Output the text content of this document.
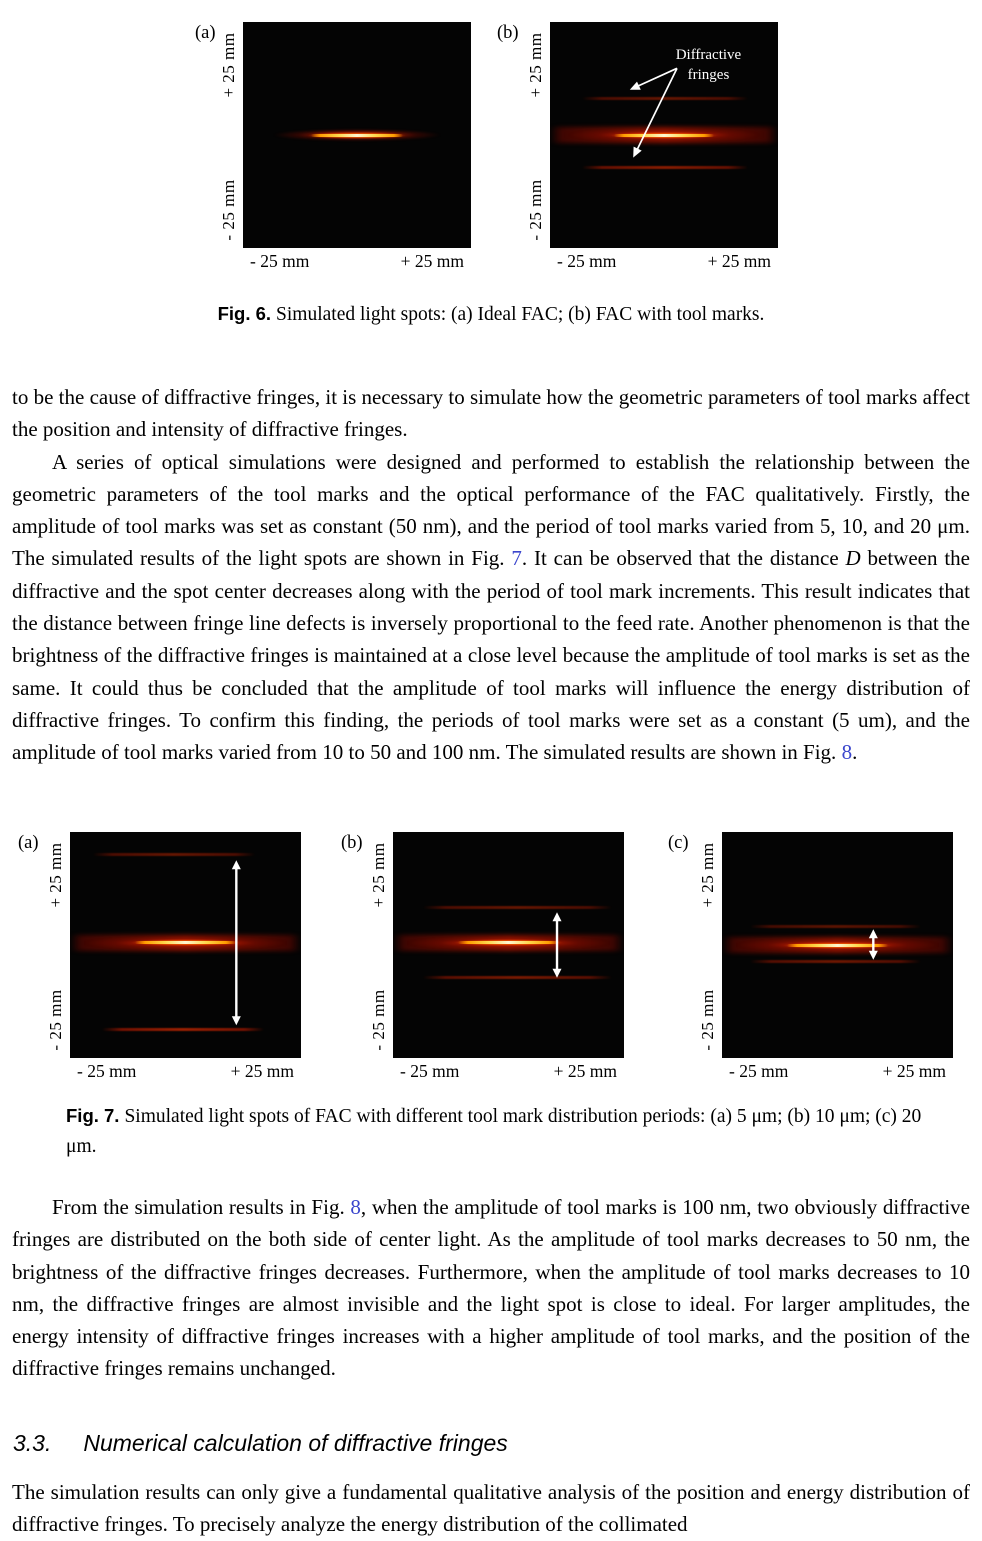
(a) + 25 mm
- 25 mm
- 25 mm	+ 25 mm
(b) + 25 mm
- 25 mm
Diffractive fringes
- 25 mm	+ 25 mm
Fig. 6. Simulated light spots: (a) Ideal FAC; (b) FAC with tool marks.

to be the cause of diffractive fringes, it is necessary to simulate how the geometric parameters of tool marks affect the position and intensity of diffractive fringes.

A series of optical simulations were designed and performed to establish the relationship between the geometric parameters of the tool marks and the optical performance of the FAC qualitatively. Firstly, the amplitude of tool marks was set as constant (50 nm), and the period of tool marks varied from 5, 10, and 20 μm. The simulated results of the light spots are shown in Fig. 7. It can be observed that the distance D between the diffractive and the spot center decreases along with the period of tool mark increments. This result indicates that the distance between fringe line defects is inversely proportional to the feed rate. Another phenomenon is that the brightness of the diffractive fringes is maintained at a close level because the amplitude of tool marks is set as the same. It could thus be concluded that the amplitude of tool marks will influence the energy distribution of diffractive fringes. To confirm this finding, the periods of tool marks were set as a constant (5 um), and the amplitude of tool marks varied from 10 to 50 and 100 nm. The simulated results are shown in Fig. 8.

(a) + 25 mm
- 25 mm
- 25 mm	+ 25 mm
(b) + 25 mm
- 25 mm
- 25 mm	+ 25 mm
(c) + 25 mm
- 25 mm
- 25 mm	+ 25 mm
Fig. 7. Simulated light spots of FAC with different tool mark distribution periods: (a) 5 μm; (b) 10 μm; (c) 20 μm.

From the simulation results in Fig. 8, when the amplitude of tool marks is 100 nm, two obviously diffractive fringes are distributed on the both side of center light. As the amplitude of tool marks decreases to 50 nm, the brightness of the diffractive fringes decreases. Furthermore, when the amplitude of tool marks decreases to 10 nm, the diffractive fringes are almost invisible and the light spot is close to ideal. For larger amplitudes, the energy intensity of diffractive fringes increases with a higher amplitude of tool marks, and the position of the diffractive fringes remains unchanged.

3.3. Numerical calculation of diffractive fringes

The simulation results can only give a fundamental qualitative analysis of the position and energy distribution of diffractive fringes. To precisely analyze the energy distribution of the collimated
